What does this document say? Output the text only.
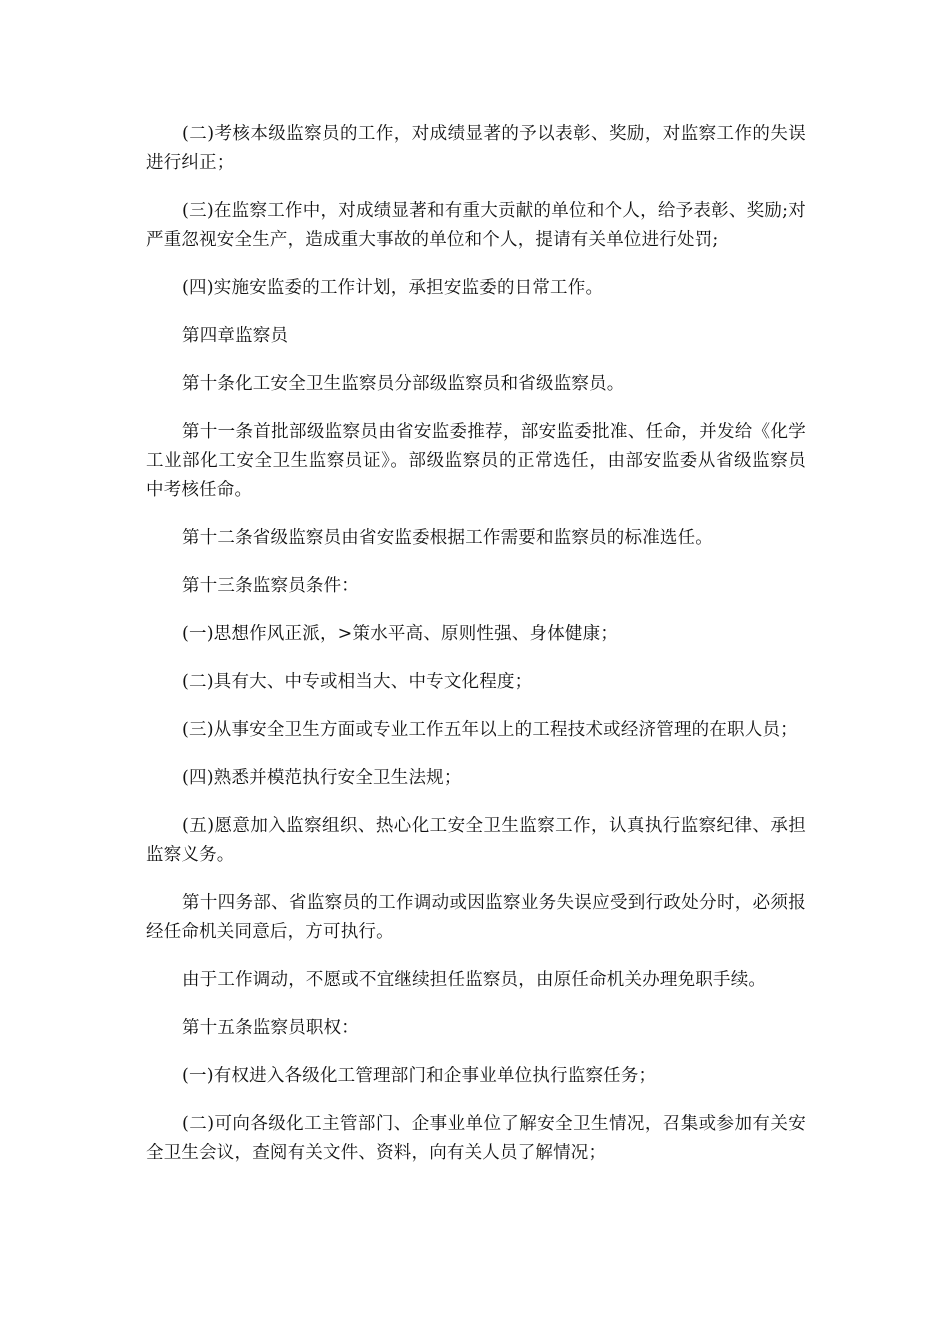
(二)考核本级监察员的工作，对成绩显著的予以表彰、奖励，对监察工作的失误进行纠正；

(三)在监察工作中，对成绩显著和有重大贡献的单位和个人，给予表彰、奖励;对严重忽视安全生产，造成重大事故的单位和个人，提请有关单位进行处罚;

(四)实施安监委的工作计划，承担安监委的日常工作。

第四章监察员

第十条化工安全卫生监察员分部级监察员和省级监察员。

第十一条首批部级监察员由省安监委推荐，部安监委批准、任命，并发给《化学工业部化工安全卫生监察员证》。部级监察员的正常选任，由部安监委从省级监察员中考核任命。

第十二条省级监察员由省安监委根据工作需要和监察员的标准选任。

第十三条监察员条件：

(一)思想作风正派，>策水平高、原则性强、身体健康；

(二)具有大、中专或相当大、中专文化程度；

(三)从事安全卫生方面或专业工作五年以上的工程技术或经济管理的在职人员；

(四)熟悉并模范执行安全卫生法规；

(五)愿意加入监察组织、热心化工安全卫生监察工作，认真执行监察纪律、承担监察义务。

第十四务部、省监察员的工作调动或因监察业务失误应受到行政处分时，必须报经任命机关同意后，方可执行。

由于工作调动，不愿或不宜继续担任监察员，由原任命机关办理免职手续。

第十五条监察员职权：

(一)有权进入各级化工管理部门和企事业单位执行监察任务；

(二)可向各级化工主管部门、企事业单位了解安全卫生情况，召集或参加有关安全卫生会议，查阅有关文件、资料，向有关人员了解情况；
